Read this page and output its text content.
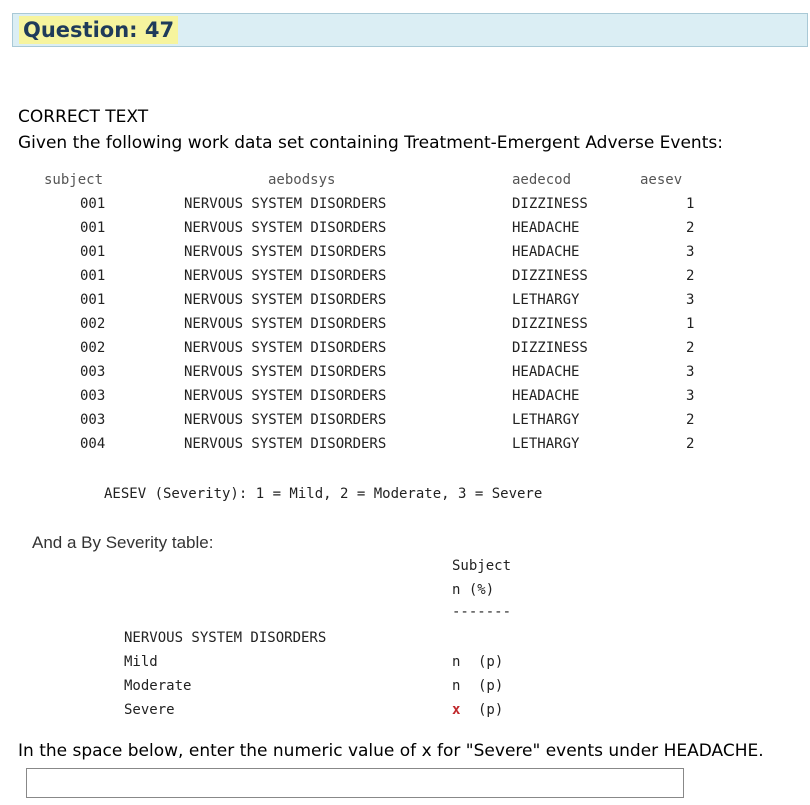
Question: 47
CORRECT TEXT
Given the following work data set containing Treatment-Emergent Adverse Events:
subject	aebodsys	aedecod	aesev
001	NERVOUS SYSTEM DISORDERS	DIZZINESS	1
001	NERVOUS SYSTEM DISORDERS	HEADACHE	2
001	NERVOUS SYSTEM DISORDERS	HEADACHE	3
001	NERVOUS SYSTEM DISORDERS	DIZZINESS	2
001	NERVOUS SYSTEM DISORDERS	LETHARGY	3
002	NERVOUS SYSTEM DISORDERS	DIZZINESS	1
002	NERVOUS SYSTEM DISORDERS	DIZZINESS	2
003	NERVOUS SYSTEM DISORDERS	HEADACHE	3
003	NERVOUS SYSTEM DISORDERS	HEADACHE	3
003	NERVOUS SYSTEM DISORDERS	LETHARGY	2
004	NERVOUS SYSTEM DISORDERS	LETHARGY	2
AESEV (Severity): 1 = Mild, 2 = Moderate, 3 = Severe
And a By Severity table:
Subject
n (%)
-------
NERVOUS SYSTEM DISORDERS
Mild	n (p)
Moderate	n (p)
Severe	x (p)
In the space below, enter the numeric value of x for "Severe" events under HEADACHE.
